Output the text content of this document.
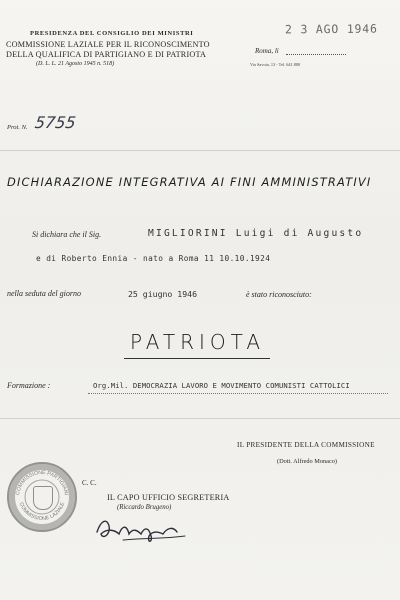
PRESIDENZA DEL CONSIGLIO DEI MINISTRI
COMMISSIONE LAZIALE PER IL RICONOSCIMENTO
DELLA QUALIFICA DI PARTIGIANO E DI PATRIOTA
(D. L. L. 21 Agosto 1945 n. 518)
2 3 AGO 1946
Roma, li
Via Savoia, 13 - Tel. 641.880
Prot. N. 5755
DICHIARAZIONE INTEGRATIVA AI FINI AMMINISTRATIVI
Si dichiara che il Sig.	MIGLIORINI Luigi di Augusto
e di Roberto Ennia - nato a Roma 11 10.10.1924
nella seduta del giorno	25 giugno 1946	è stato riconosciuto:
PATRIOTA
Formazione :	Org.Mil. DEMOCRAZIA LAVORO E MOVIMENTO COMUNISTI CATTOLICI
IL PRESIDENTE DELLA COMMISSIONE
(Dott. Alfredo Monaco)
COMMISSIONE PARTIGIANI
COMMISSIONE LAZIALE
C. C.
IL CAPO UFFICIO SEGRETERIA
(Riccardo Brugeno)
